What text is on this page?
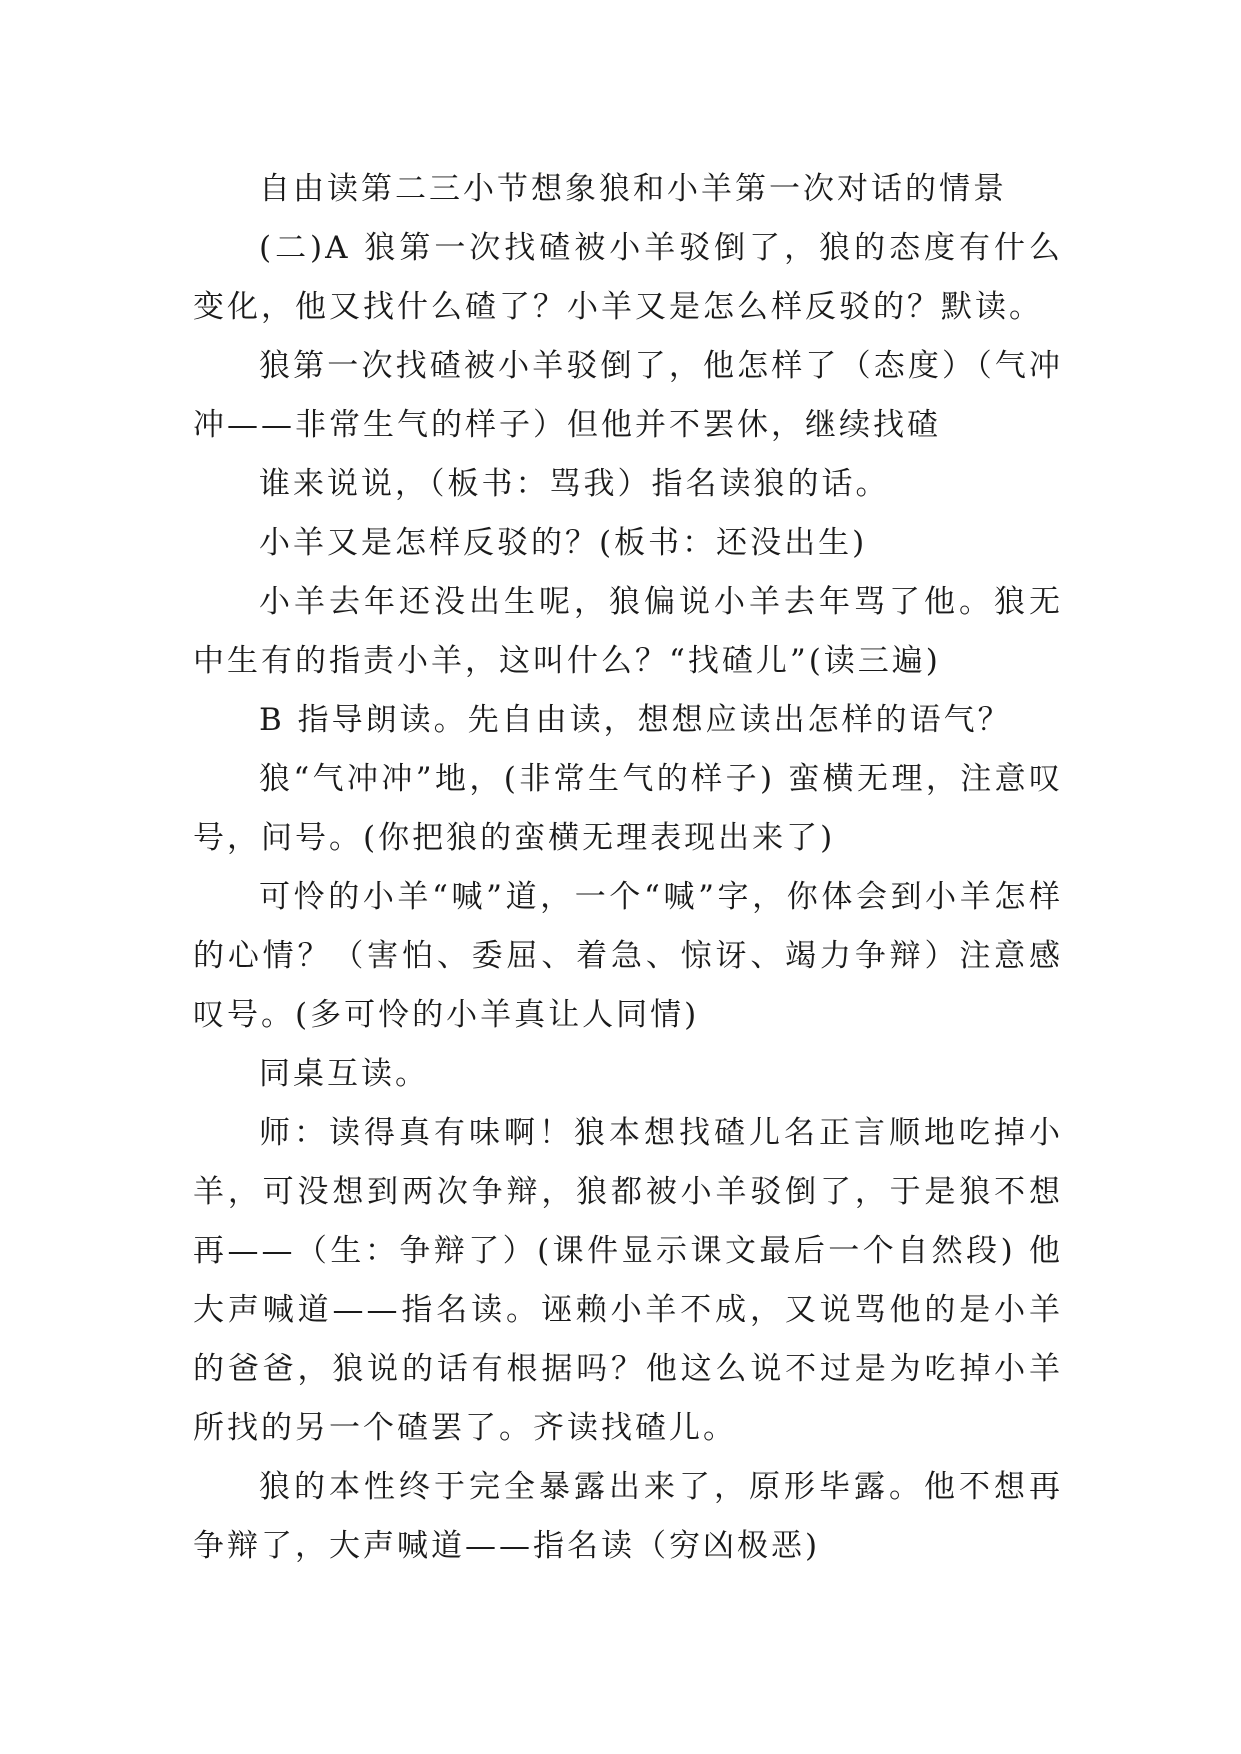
自由读第二三小节想象狼和小羊第一次对话的情景

(二)A 狼第一次找碴被小羊驳倒了，狼的态度有什么变化，他又找什么碴了？小羊又是怎么样反驳的？默读。

狼第一次找碴被小羊驳倒了，他怎样了（态度）（气冲冲——非常生气的样子）但他并不罢休，继续找碴

谁来说说，（板书：骂我）指名读狼的话。

小羊又是怎样反驳的？(板书：还没出生)

小羊去年还没出生呢，狼偏说小羊去年骂了他。狼无中生有的指责小羊，这叫什么？“找碴儿”(读三遍)

B 指导朗读。先自由读，想想应读出怎样的语气？

狼“气冲冲”地，(非常生气的样子) 蛮横无理，注意叹号，问号。(你把狼的蛮横无理表现出来了)

可怜的小羊“喊”道，一个“喊”字，你体会到小羊怎样的心情？（害怕、委屈、着急、惊讶、竭力争辩）注意感叹号。(多可怜的小羊真让人同情)

同桌互读。

师：读得真有味啊！狼本想找碴儿名正言顺地吃掉小羊，可没想到两次争辩，狼都被小羊驳倒了，于是狼不想再——（生：争辩了）(课件显示课文最后一个自然段) 他大声喊道——指名读。诬赖小羊不成，又说骂他的是小羊的爸爸，狼说的话有根据吗？他这么说不过是为吃掉小羊所找的另一个碴罢了。齐读找碴儿。

狼的本性终于完全暴露出来了，原形毕露。他不想再争辩了，大声喊道——指名读（穷凶极恶)
